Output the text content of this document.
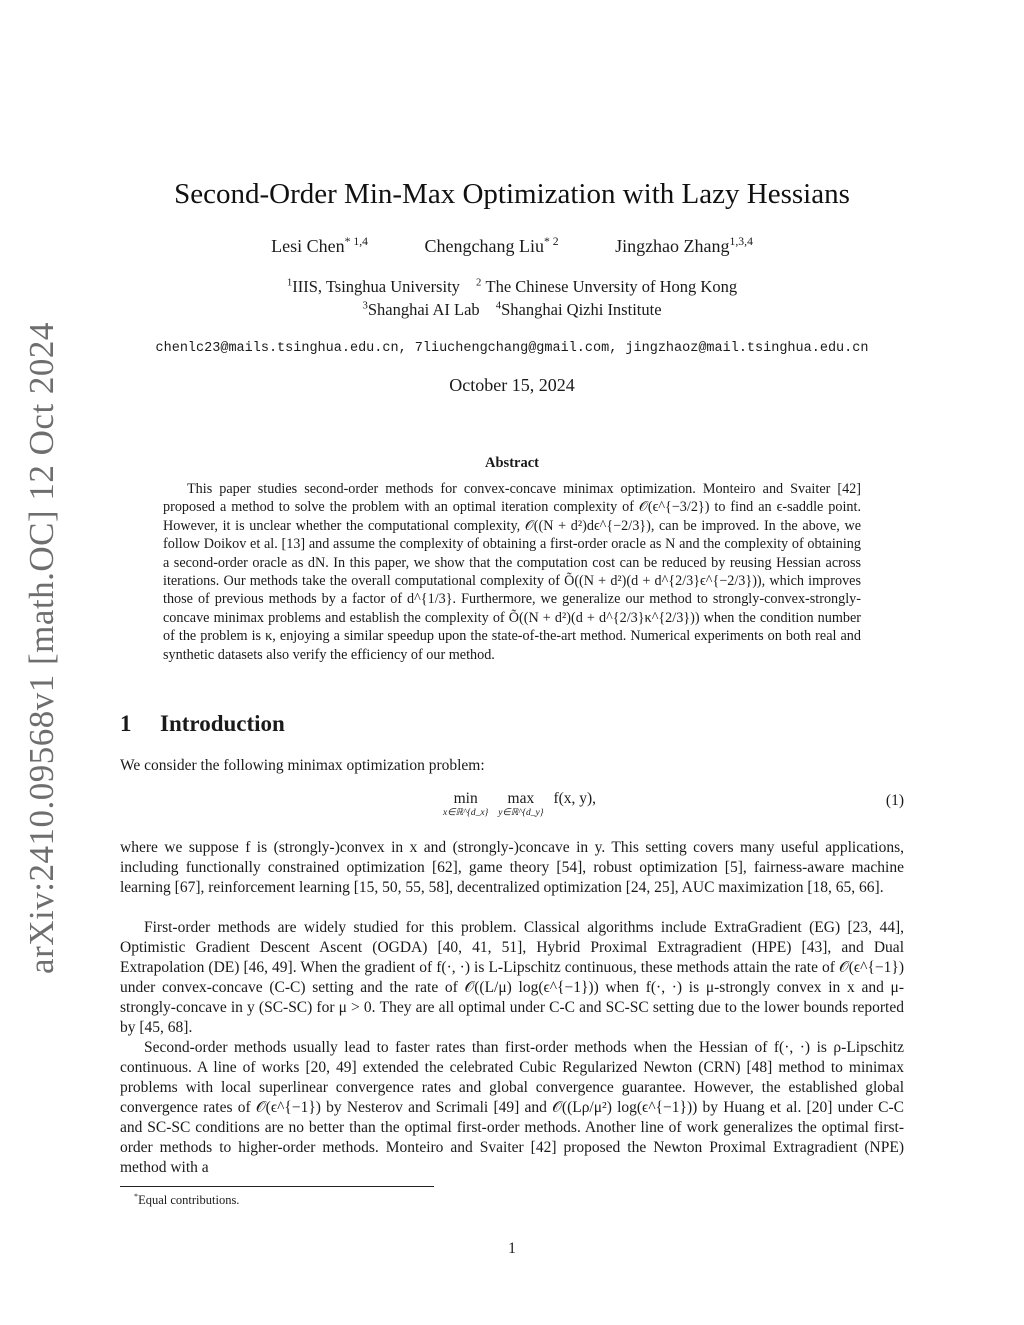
arXiv:2410.09568v1 [math.OC] 12 Oct 2024
Second-Order Min-Max Optimization with Lazy Hessians
Lesi Chen$^{* 1,4}$	Chengchang Liu$^{* 2}$	Jingzhao Zhang$^{1,3,4}$
$^1$IIIS, Tsinghua University $^2$ The Chinese Unversity of Hong Kong
$^3$Shanghai AI Lab $^4$Shanghai Qizhi Institute
chenlc23@mails.tsinghua.edu.cn, 7liuchengchang@gmail.com, jingzhaoz@mail.tsinghua.edu.cn
October 15, 2024
Abstract

This paper studies second-order methods for convex-concave minimax optimization. Monteiro and Svaiter [42] proposed a method to solve the problem with an optimal iteration complexity of 𝒪(ϵ^{−3/2}) to find an ϵ-saddle point. However, it is unclear whether the computational complexity, 𝒪((N + d²)dϵ^{−2/3}), can be improved. In the above, we follow Doikov et al. [13] and assume the complexity of obtaining a first-order oracle as N and the complexity of obtaining a second-order oracle as dN. In this paper, we show that the computation cost can be reduced by reusing Hessian across iterations. Our methods take the overall computational complexity of Õ((N + d²)(d + d^{2/3}ϵ^{−2/3})), which improves those of previous methods by a factor of d^{1/3}. Furthermore, we generalize our method to strongly-convex-strongly-concave minimax problems and establish the complexity of Õ((N + d²)(d + d^{2/3}κ^{2/3})) when the condition number of the problem is κ, enjoying a similar speedup upon the state-of-the-art method. Numerical experiments on both real and synthetic datasets also verify the efficiency of our method.

1 Introduction

We consider the following minimax optimization problem:

min
x∈ℝ^{d_x}
max
y∈ℝ^{d_y}
f(x, y),	(1)

where we suppose f is (strongly-)convex in x and (strongly-)concave in y. This setting covers many useful applications, including functionally constrained optimization [62], game theory [54], robust optimization [5], fairness-aware machine learning [67], reinforcement learning [15, 50, 55, 58], decentralized optimization [24, 25], AUC maximization [18, 65, 66].

First-order methods are widely studied for this problem. Classical algorithms include ExtraGradient (EG) [23, 44], Optimistic Gradient Descent Ascent (OGDA) [40, 41, 51], Hybrid Proximal Extragradient (HPE) [43], and Dual Extrapolation (DE) [46, 49]. When the gradient of f(·, ·) is L-Lipschitz continuous, these methods attain the rate of 𝒪(ϵ^{−1}) under convex-concave (C-C) setting and the rate of 𝒪((L/μ) log(ϵ^{−1})) when f(·, ·) is μ-strongly convex in x and μ-strongly-concave in y (SC-SC) for μ > 0. They are all optimal under C-C and SC-SC setting due to the lower bounds reported by [45, 68].

Second-order methods usually lead to faster rates than first-order methods when the Hessian of f(·, ·) is ρ-Lipschitz continuous. A line of works [20, 49] extended the celebrated Cubic Regularized Newton (CRN) [48] method to minimax problems with local superlinear convergence rates and global convergence guarantee. However, the established global convergence rates of 𝒪(ϵ^{−1}) by Nesterov and Scrimali [49] and 𝒪((Lρ/μ²) log(ϵ^{−1})) by Huang et al. [20] under C-C and SC-SC conditions are no better than the optimal first-order methods. Another line of work generalizes the optimal first-order methods to higher-order methods. Monteiro and Svaiter [42] proposed the Newton Proximal Extragradient (NPE) method with a

*Equal contributions.
1
